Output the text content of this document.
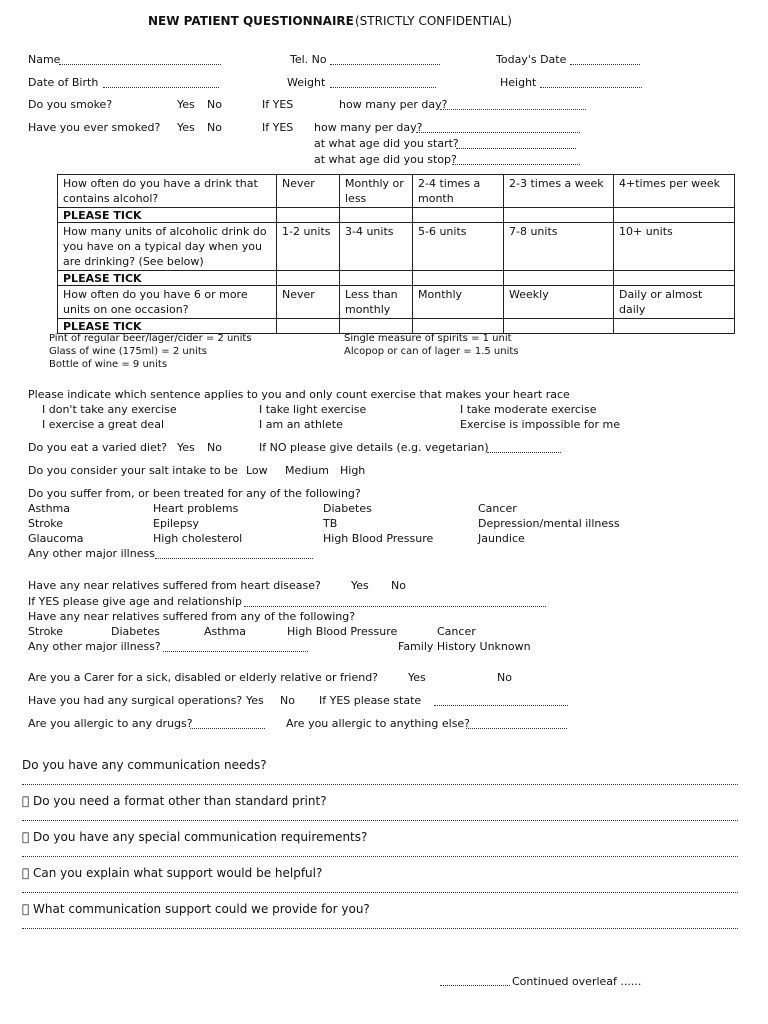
NEW PATIENT QUESTIONNAIRE (STRICTLY CONFIDENTIAL)
Name	Tel. No	Today's Date
Date of Birth	Weight	Height
Do you smoke?	Yes No	If YES	how many per day?
Have you ever smoked? Yes No	If YES how many per day?
at what age did you start?
at what age did you stop?
How often do you have a drink that contains alcohol?	Never	Monthly or less	2-4 times a month	2-3 times a week	4+times per week
PLEASE TICK					
How many units of alcoholic drink do you have on a typical day when you are drinking? (See below)	1-2 units	3-4 units	5-6 units	7-8 units	10+ units
PLEASE TICK					
How often do you have 6 or more units on one occasion?	Never	Less than monthly	Monthly	Weekly	Daily or almost daily
PLEASE TICK					
Pint of regular beer/lager/cider = 2 units
Glass of wine (175ml) = 2 units
Bottle of wine = 9 units
Single measure of spirits = 1 unit
Alcopop or can of lager = 1.5 units
Please indicate which sentence applies to you and only count exercise that makes your heart race
I don't take any exercise	I take light exercise	I take moderate exercise
I exercise a great deal	I am an athlete	Exercise is impossible for me
Do you eat a varied diet? Yes No	If NO please give details (e.g. vegetarian)
Do you consider your salt intake to be Low Medium High
Do you suffer from, or been treated for any of the following?
Asthma	Heart problems	Diabetes	Cancer
Stroke	Epilepsy	TB	Depression/mental illness
Glaucoma	High cholesterol	High Blood Pressure	Jaundice
Any other major illness
Have any near relatives suffered from heart disease?	Yes No
If YES please give age and relationship
Have any near relatives suffered from any of the following?
Stroke	Diabetes	Asthma	High Blood Pressure	Cancer
Any other major illness?	Family History Unknown
Are you a Carer for a sick, disabled or elderly relative or friend?	Yes	No
Have you had any surgical operations? Yes No If YES please state
Are you allergic to any drugs?	Are you allergic to anything else?
Do you have any communication needs?
Do you need a format other than standard print?
Do you have any special communication requirements?
Can you explain what support would be helpful?
What communication support could we provide for you?
Continued overleaf ......
